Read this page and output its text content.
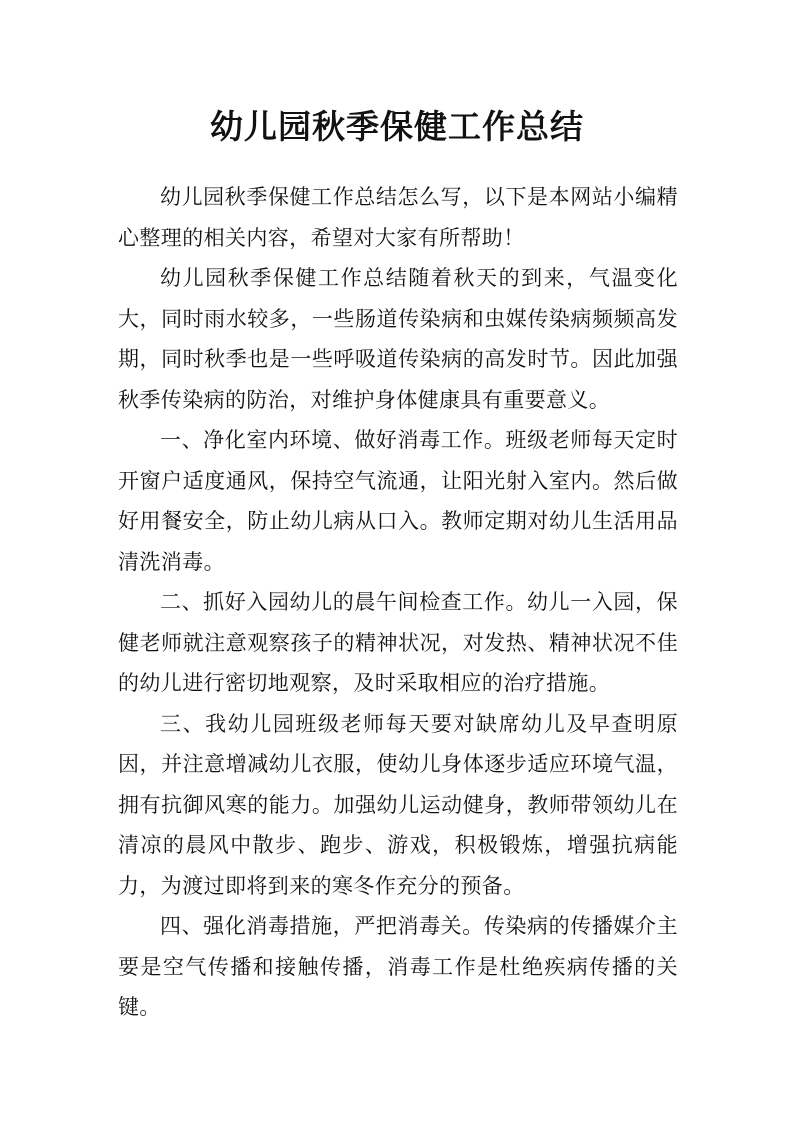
幼儿园秋季保健工作总结

幼儿园秋季保健工作总结怎么写，以下是本网站小编精心整理的相关内容，希望对大家有所帮助！

幼儿园秋季保健工作总结随着秋天的到来，气温变化大，同时雨水较多，一些肠道传染病和虫媒传染病频频高发期，同时秋季也是一些呼吸道传染病的高发时节。因此加强秋季传染病的防治，对维护身体健康具有重要意义。

一、净化室内环境、做好消毒工作。班级老师每天定时开窗户适度通风，保持空气流通，让阳光射入室内。然后做好用餐安全，防止幼儿病从口入。教师定期对幼儿生活用品清洗消毒。

二、抓好入园幼儿的晨午间检查工作。幼儿一入园，保健老师就注意观察孩子的精神状况，对发热、精神状况不佳的幼儿进行密切地观察，及时采取相应的治疗措施。

三、我幼儿园班级老师每天要对缺席幼儿及早查明原因，并注意增减幼儿衣服，使幼儿身体逐步适应环境气温，拥有抗御风寒的能力。加强幼儿运动健身，教师带领幼儿在清凉的晨风中散步、跑步、游戏，积极锻炼，增强抗病能力，为渡过即将到来的寒冬作充分的预备。

四、强化消毒措施，严把消毒关。传染病的传播媒介主要是空气传播和接触传播，消毒工作是杜绝疾病传播的关键。
